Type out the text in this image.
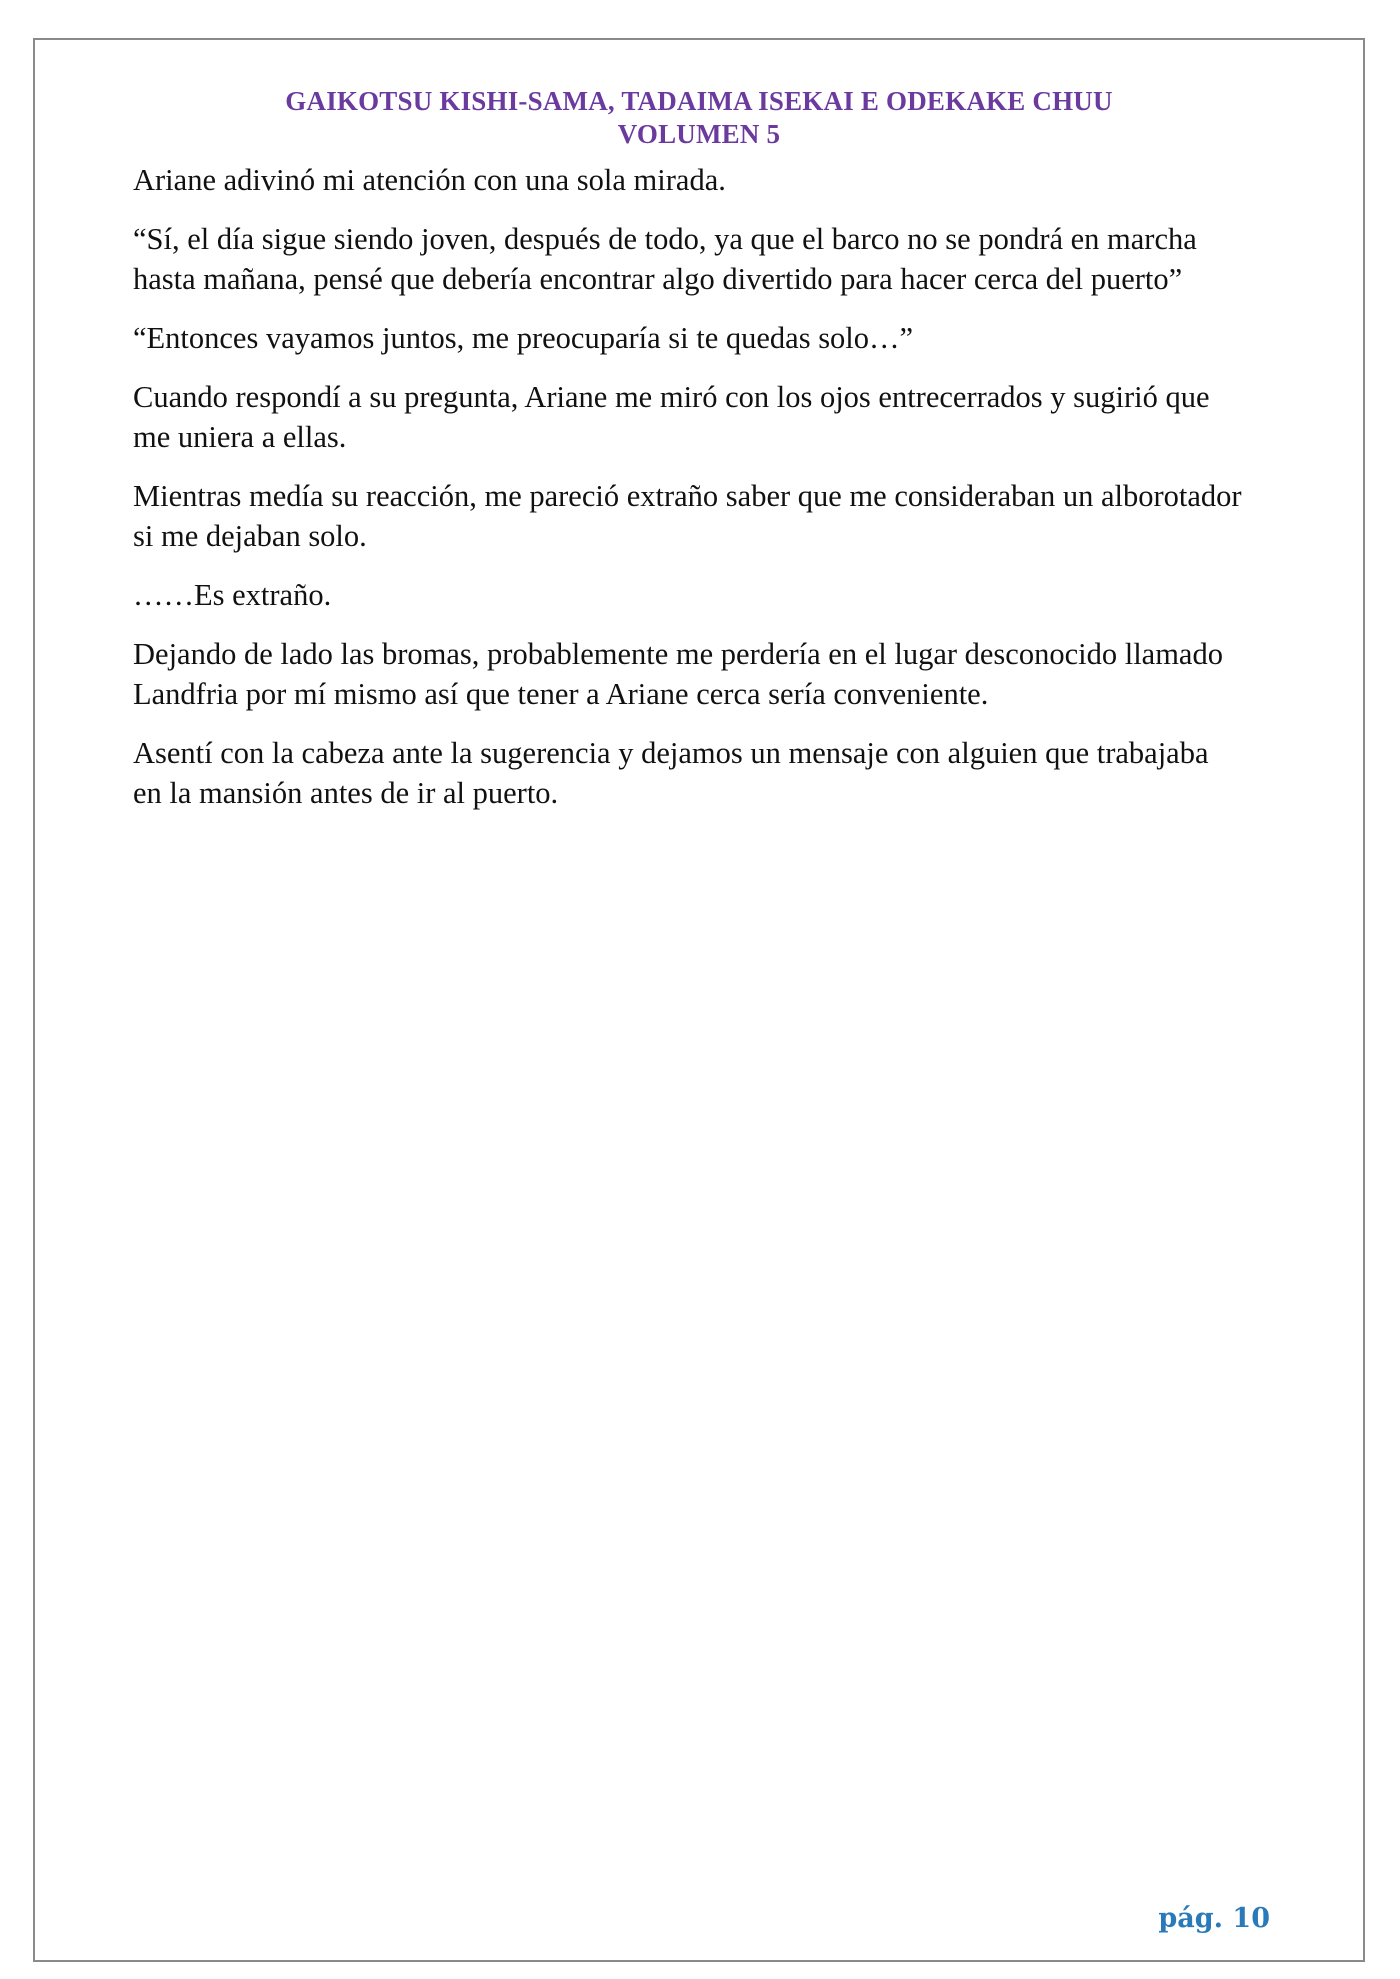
GAIKOTSU KISHI-SAMA, TADAIMA ISEKAI E ODEKAKE CHUU
VOLUMEN 5

Ariane adivinó mi atención con una sola mirada.

“Sí, el día sigue siendo joven, después de todo, ya que el barco no se pondrá en marcha hasta mañana, pensé que debería encontrar algo divertido para hacer cerca del puerto”

“Entonces vayamos juntos, me preocuparía si te quedas solo…”

Cuando respondí a su pregunta, Ariane me miró con los ojos entrecerrados y sugirió que me uniera a ellas.

Mientras medía su reacción, me pareció extraño saber que me consideraban un alborotador si me dejaban solo.

……Es extraño.

Dejando de lado las bromas, probablemente me perdería en el lugar desconocido llamado Landfria por mí mismo así que tener a Ariane cerca sería conveniente.

Asentí con la cabeza ante la sugerencia y dejamos un mensaje con alguien que trabajaba en la mansión antes de ir al puerto.

pág. 10
